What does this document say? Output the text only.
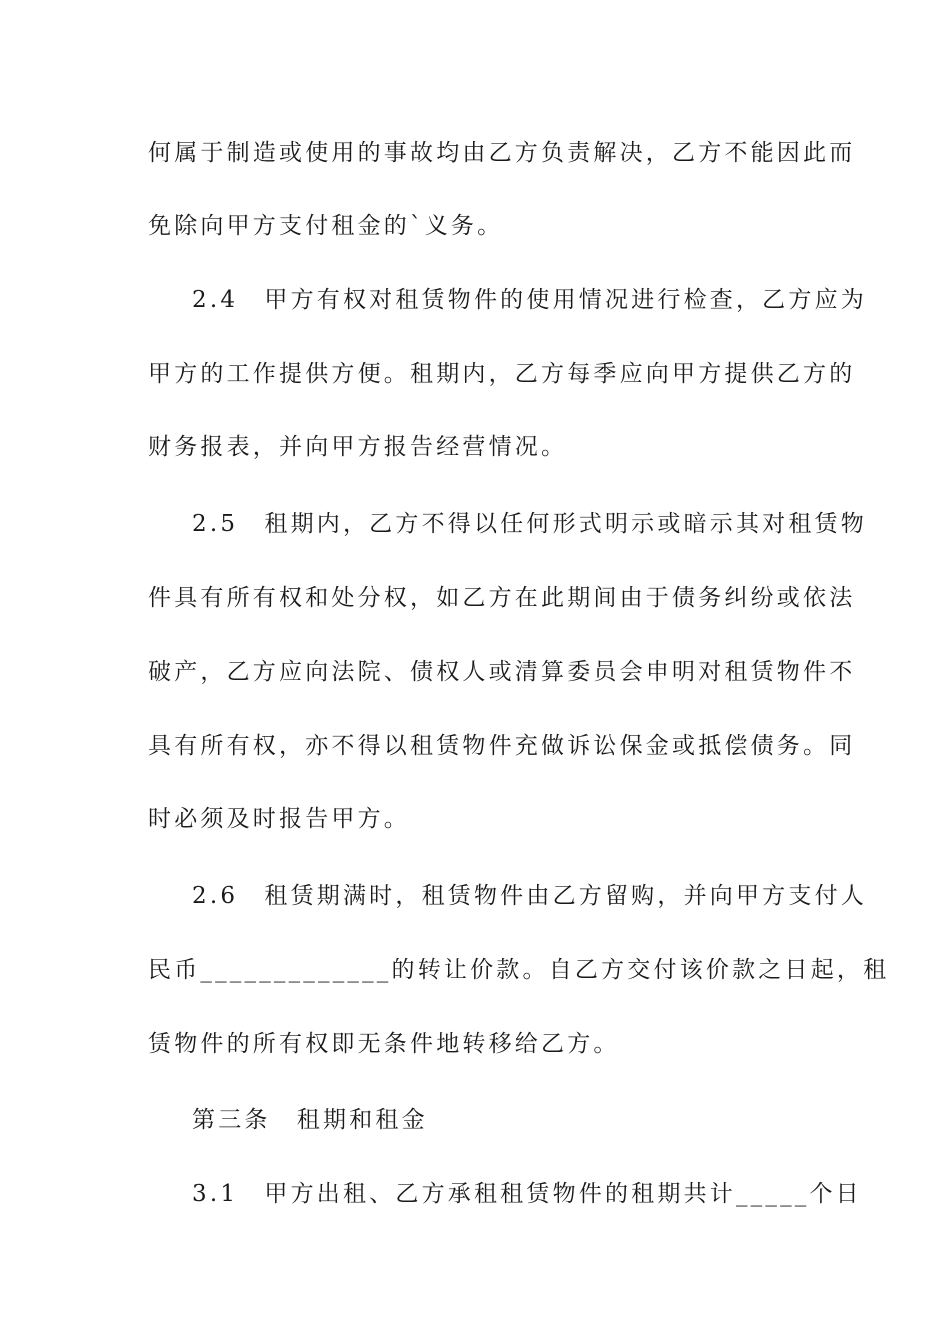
何属于制造或使用的事故均由乙方负责解决，乙方不能因此而
免除向甲方支付租金的`义务。
2.4　甲方有权对租赁物件的使用情况进行检查，乙方应为
甲方的工作提供方便。租期内，乙方每季应向甲方提供乙方的
财务报表，并向甲方报告经营情况。
2.5　租期内，乙方不得以任何形式明示或暗示其对租赁物
件具有所有权和处分权，如乙方在此期间由于债务纠纷或依法
破产，乙方应向法院、债权人或清算委员会申明对租赁物件不
具有所有权，亦不得以租赁物件充做诉讼保金或抵偿债务。同
时必须及时报告甲方。
2.6　租赁期满时，租赁物件由乙方留购，并向甲方支付人
民币_____________的转让价款。自乙方交付该价款之日起，租
赁物件的所有权即无条件地转移给乙方。
第三条　租期和租金
3.1　甲方出租、乙方承租租赁物件的租期共计_____个日
